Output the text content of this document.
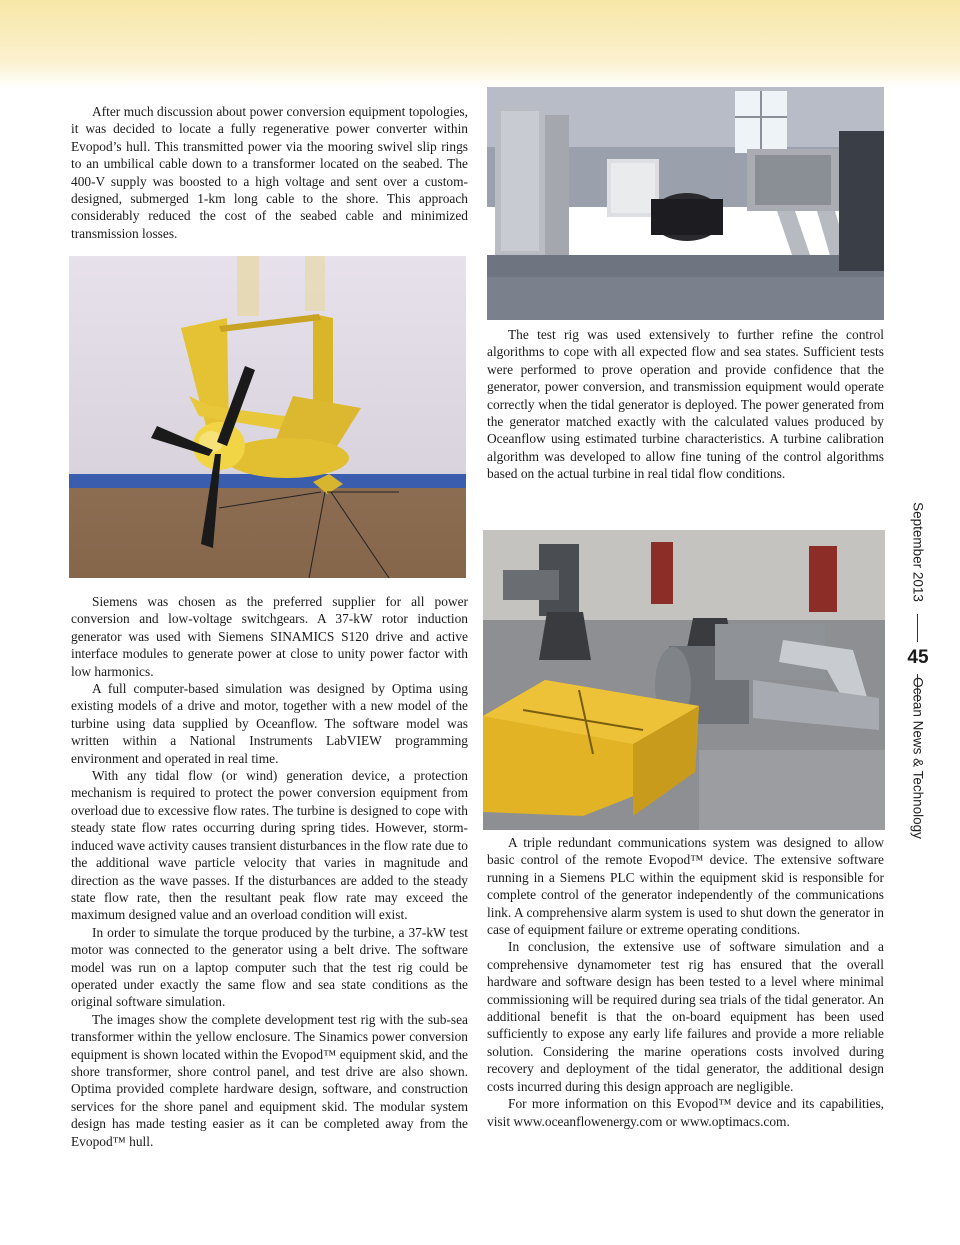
After much discussion about power conversion equipment topologies, it was decided to locate a fully regenerative power converter within Evopod’s hull. This transmitted power via the mooring swivel slip rings to an umbilical cable down to a transformer located on the seabed. The 400-V supply was boosted to a high voltage and sent over a custom-designed, submerged 1-km long cable to the shore. This approach considerably reduced the cost of the seabed cable and minimized transmission losses.

Siemens was chosen as the preferred supplier for all power conversion and low-voltage switchgears. A 37-kW rotor induction generator was used with Siemens SINAMICS S120 drive and active interface modules to generate power at close to unity power factor with low harmonics.

A full computer-based simulation was designed by Optima using existing models of a drive and motor, together with a new model of the turbine using data supplied by Oceanflow. The software model was written within a National Instruments LabVIEW programming environment and operated in real time.

With any tidal flow (or wind) generation device, a protection mechanism is required to protect the power conversion equipment from overload due to excessive flow rates. The turbine is designed to cope with steady state flow rates occurring during spring tides. However, storm-induced wave activity causes transient disturbances in the flow rate due to the additional wave particle velocity that varies in magnitude and direction as the wave passes. If the disturbances are added to the steady state flow rate, then the resultant peak flow rate may exceed the maximum designed value and an overload condition will exist.

In order to simulate the torque produced by the turbine, a 37-kW test motor was connected to the generator using a belt drive. The software model was run on a laptop computer such that the test rig could be operated under exactly the same flow and sea state conditions as the original software simulation.

The images show the complete development test rig with the sub-sea transformer within the yellow enclosure. The Sinamics power conversion equipment is shown located within the Evopod™ equipment skid, and the shore transformer, shore control panel, and test drive are also shown. Optima provided complete hardware design, software, and construction services for the shore panel and equipment skid. The modular system design has made testing easier as it can be completed away from the Evopod™ hull.

The test rig was used extensively to further refine the control algorithms to cope with all expected flow and sea states. Sufficient tests were performed to prove operation and provide confidence that the generator, power conversion, and transmission equipment would operate correctly when the tidal generator is deployed. The power generated from the generator matched exactly with the calculated values produced by Oceanflow using estimated turbine characteristics. A turbine calibration algorithm was developed to allow fine tuning of the control algorithms based on the actual turbine in real tidal flow conditions.

A triple redundant communications system was designed to allow basic control of the remote Evopod™ device. The extensive software running in a Siemens PLC within the equipment skid is responsible for complete control of the generator independently of the communications link. A comprehensive alarm system is used to shut down the generator in case of equipment failure or extreme operating conditions.

In conclusion, the extensive use of software simulation and a comprehensive dynamometer test rig has ensured that the overall hardware and software design has been tested to a level where minimal commissioning will be required during sea trials of the tidal generator. An additional benefit is that the on-board equipment has been used sufficiently to expose any early life failures and provide a more reliable solution. Considering the marine operations costs involved during recovery and deployment of the tidal generator, the additional design costs incurred during this design approach are negligible.

For more information on this Evopod™ device and its capabilities, visit www.oceanflowenergy.com or www.optimacs.com.

September 2013
45
Ocean News & Technology
